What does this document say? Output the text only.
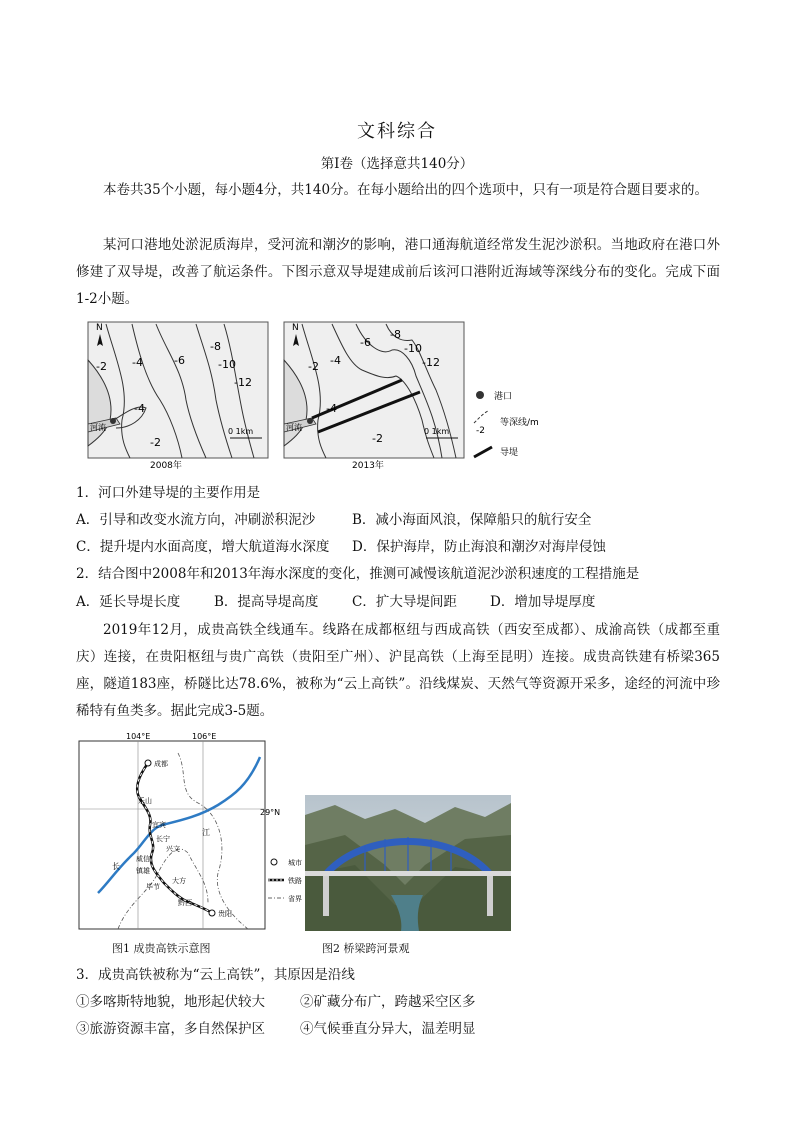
文科综合
第Ⅰ卷（选择意共140分）
本卷共35个小题，每小题4分，共140分。在每小题给出的四个选项中，只有一项是符合题目要求的。
某河口港地处淤泥质海岸，受河流和潮汐的影响，港口通海航道经常发生泥沙淤积。当地政府在港口外修建了双导堤，改善了航运条件。下图示意双导堤建成前后该河口港附近海域等深线分布的变化。完成下面1-2小题。
N
-2 -4	-6
-8
-10
-12
-4
-2
河流	0 1km
2008年
N
-2 -4
-6
-8
-10
-12
-4
-2
河流	0 1km
2013年
港口
-2
等深线/m
导堤
1．河口外建导堤的主要作用是
A．引导和改变水流方向，冲刷淤积泥沙	B．减小海面风浪，保障船只的航行安全
C．提升堤内水面高度，增大航道海水深度 D．保护海岸，防止海浪和潮汐对海岸侵蚀
2．结合图中2008年和2013年海水深度的变化，推测可减慢该航道泥沙淤积速度的工程措施是
A．延长导堤长度	B．提高导堤高度 C．扩大导堤间距 D．增加导堤厚度
2019年12月，成贵高铁全线通车。线路在成都枢纽与西成高铁（西安至成都）、成渝高铁（成都至重庆）连接，在贵阳枢纽与贵广高铁（贵阳至广州）、沪昆高铁（上海至昆明）连接。成贵高铁建有桥梁365座，隧道183座，桥隧比达78.6%，被称为“云上高铁”。沿线煤炭、天然气等资源开采多，途经的河流中珍稀特有鱼类多。据此完成3-5题。
104°E	106°E
29°N
成都
乐山
宜宾
长宁
兴文
威信
镇雄
毕节
大方
黔西
贵阳
长
江
城市
铁路
省界
图1 成贵高铁示意图	图2 桥梁跨河景观
3．成贵高铁被称为“云上高铁”，其原因是沿线
①多喀斯特地貌，地形起伏较大	②矿藏分布广，跨越采空区多
③旅游资源丰富，多自然保护区	④气候垂直分异大，温差明显
